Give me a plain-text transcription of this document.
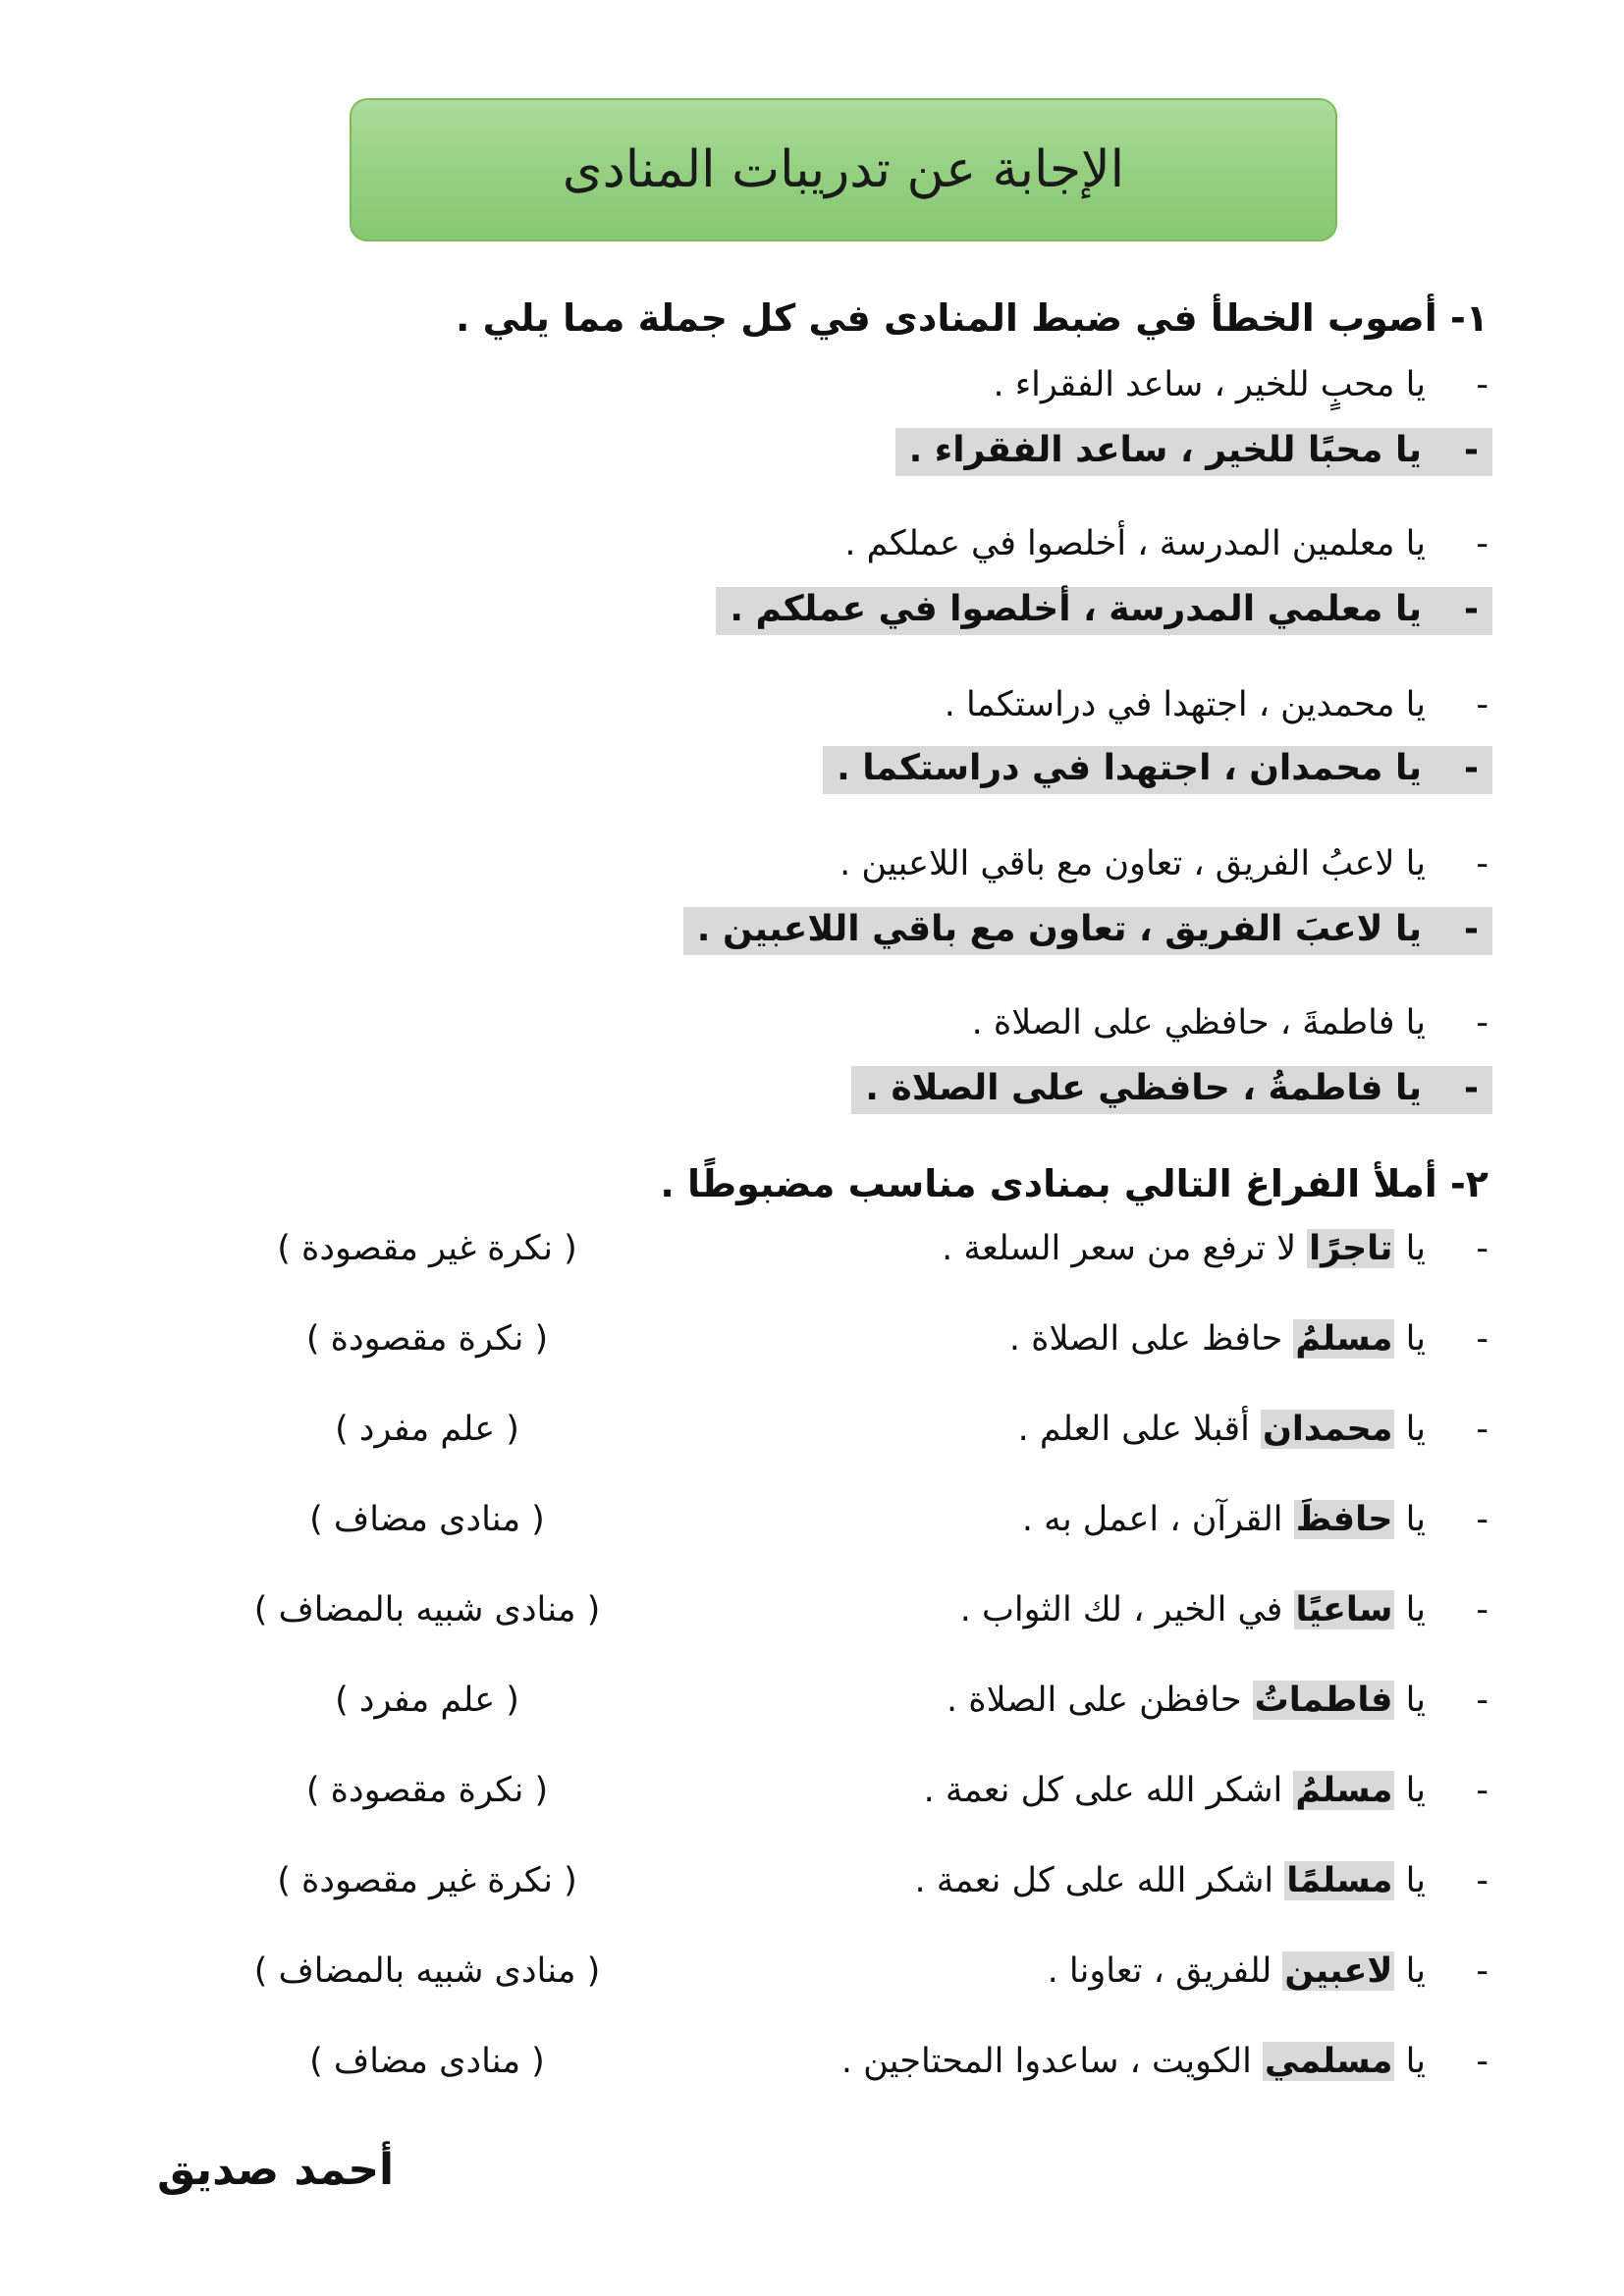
الإجابة عن تدريبات المنادى
١- أصوب الخطأ في ضبط المنادى في كل جملة مما يلي .
-
يا محبٍ للخير ، ساعد الفقراء .
-
يا محبًا للخير ، ساعد الفقراء .
-
يا معلمين المدرسة ، أخلصوا في عملكم .
-
يا معلمي المدرسة ، أخلصوا في عملكم .
-
يا محمدين ، اجتهدا في دراستكما .
-
يا محمدان ، اجتهدا في دراستكما .
-
يا لاعبُ الفريق ، تعاون مع باقي اللاعبين .
-
يا لاعبَ الفريق ، تعاون مع باقي اللاعبين .
-
يا فاطمةَ ، حافظي على الصلاة .
-
يا فاطمةُ ، حافظي على الصلاة .
٢- أملأ الفراغ التالي بمنادى مناسب مضبوطًا .
-
يا

تاجرًا

لا ترفع من سعر السلعة .
( نكرة غير مقصودة )
-
يا

مسلمُ

حافظ على الصلاة .
( نكرة مقصودة )
-
يا

محمدان

أقبلا على العلم .
( علم مفرد )
-
يا

حافظَ

القرآن ، اعمل به .
( منادى مضاف )
-
يا

ساعيًا

في الخير ، لك الثواب .
( منادى شبيه بالمضاف )
-
يا

فاطماتُ

حافظن على الصلاة .
( علم مفرد )
-
يا

مسلمُ

اشكر الله على كل نعمة .
( نكرة مقصودة )
-
يا

مسلمًا

اشكر الله على كل نعمة .
( نكرة غير مقصودة )
-
يا

لاعبين

للفريق ، تعاونا .
( منادى شبيه بالمضاف )
-
يا

مسلمي

الكويت ، ساعدوا المحتاجين .
( منادى مضاف )
أحمد صديق
